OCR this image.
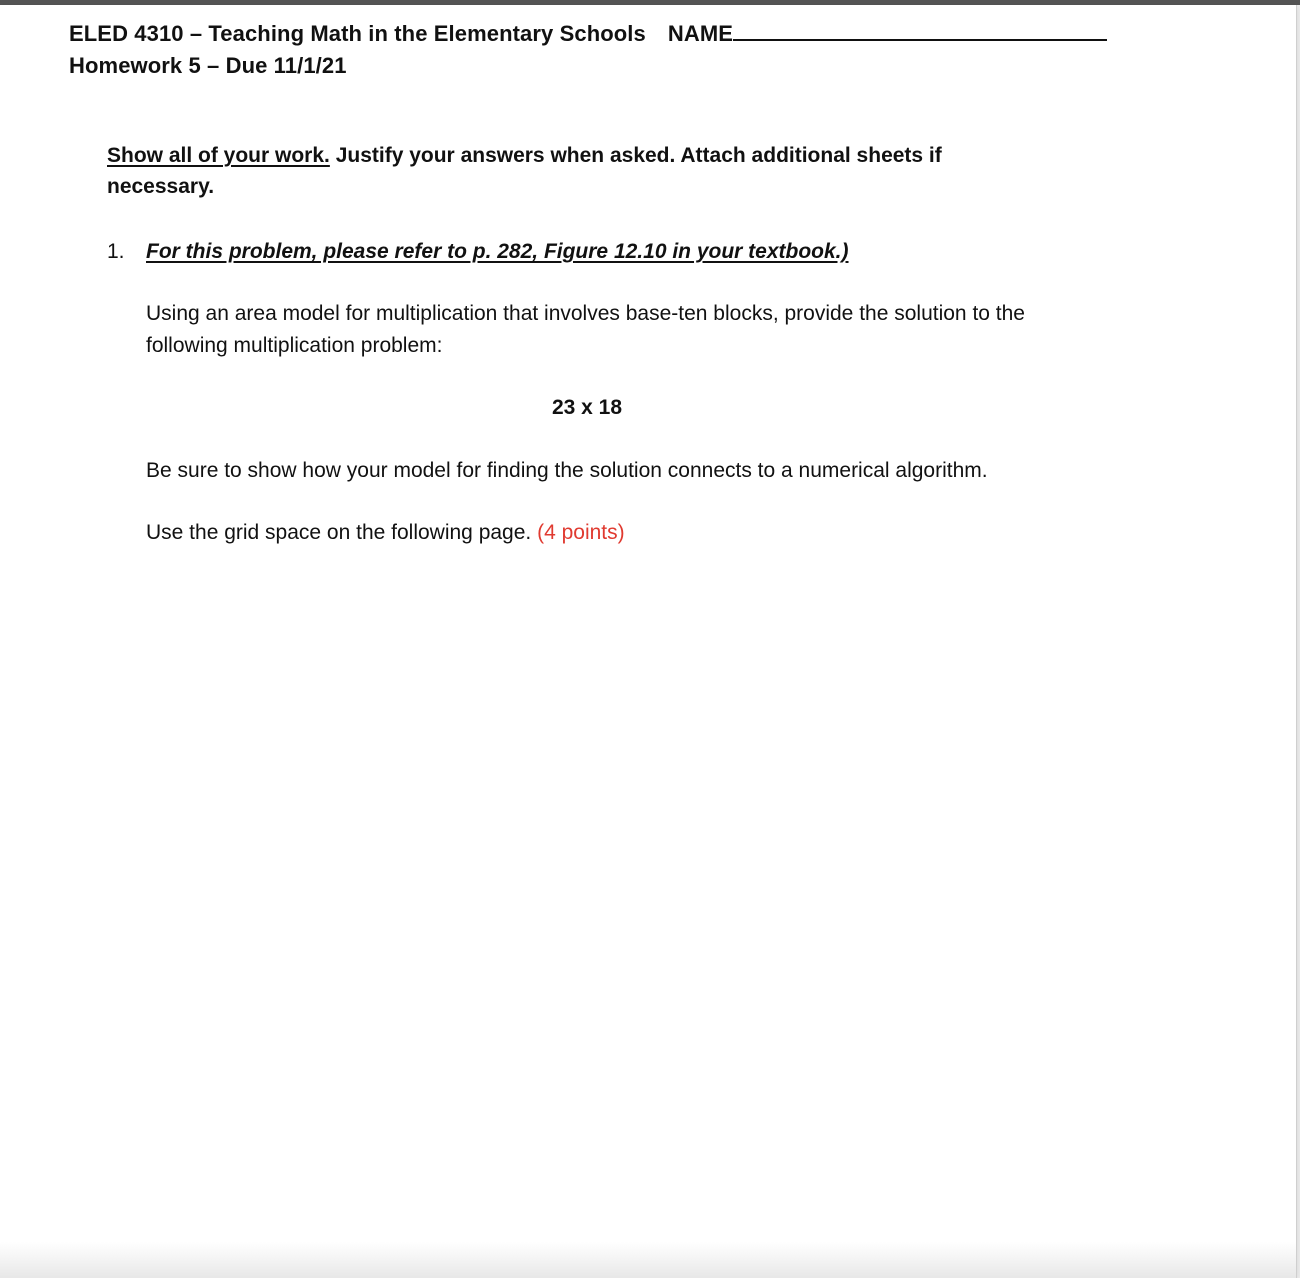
ELED 4310 – Teaching Math in the Elementary Schools NAME
Homework 5 – Due 11/1/21
Show all of your work. Justify your answers when asked. Attach additional sheets if necessary.
1. For this problem, please refer to p. 282, Figure 12.10 in your textbook.)
Using an area model for multiplication that involves base-ten blocks, provide the solution to the following multiplication problem:
23 x 18
Be sure to show how your model for finding the solution connects to a numerical algorithm.
Use the grid space on the following page. (4 points)
